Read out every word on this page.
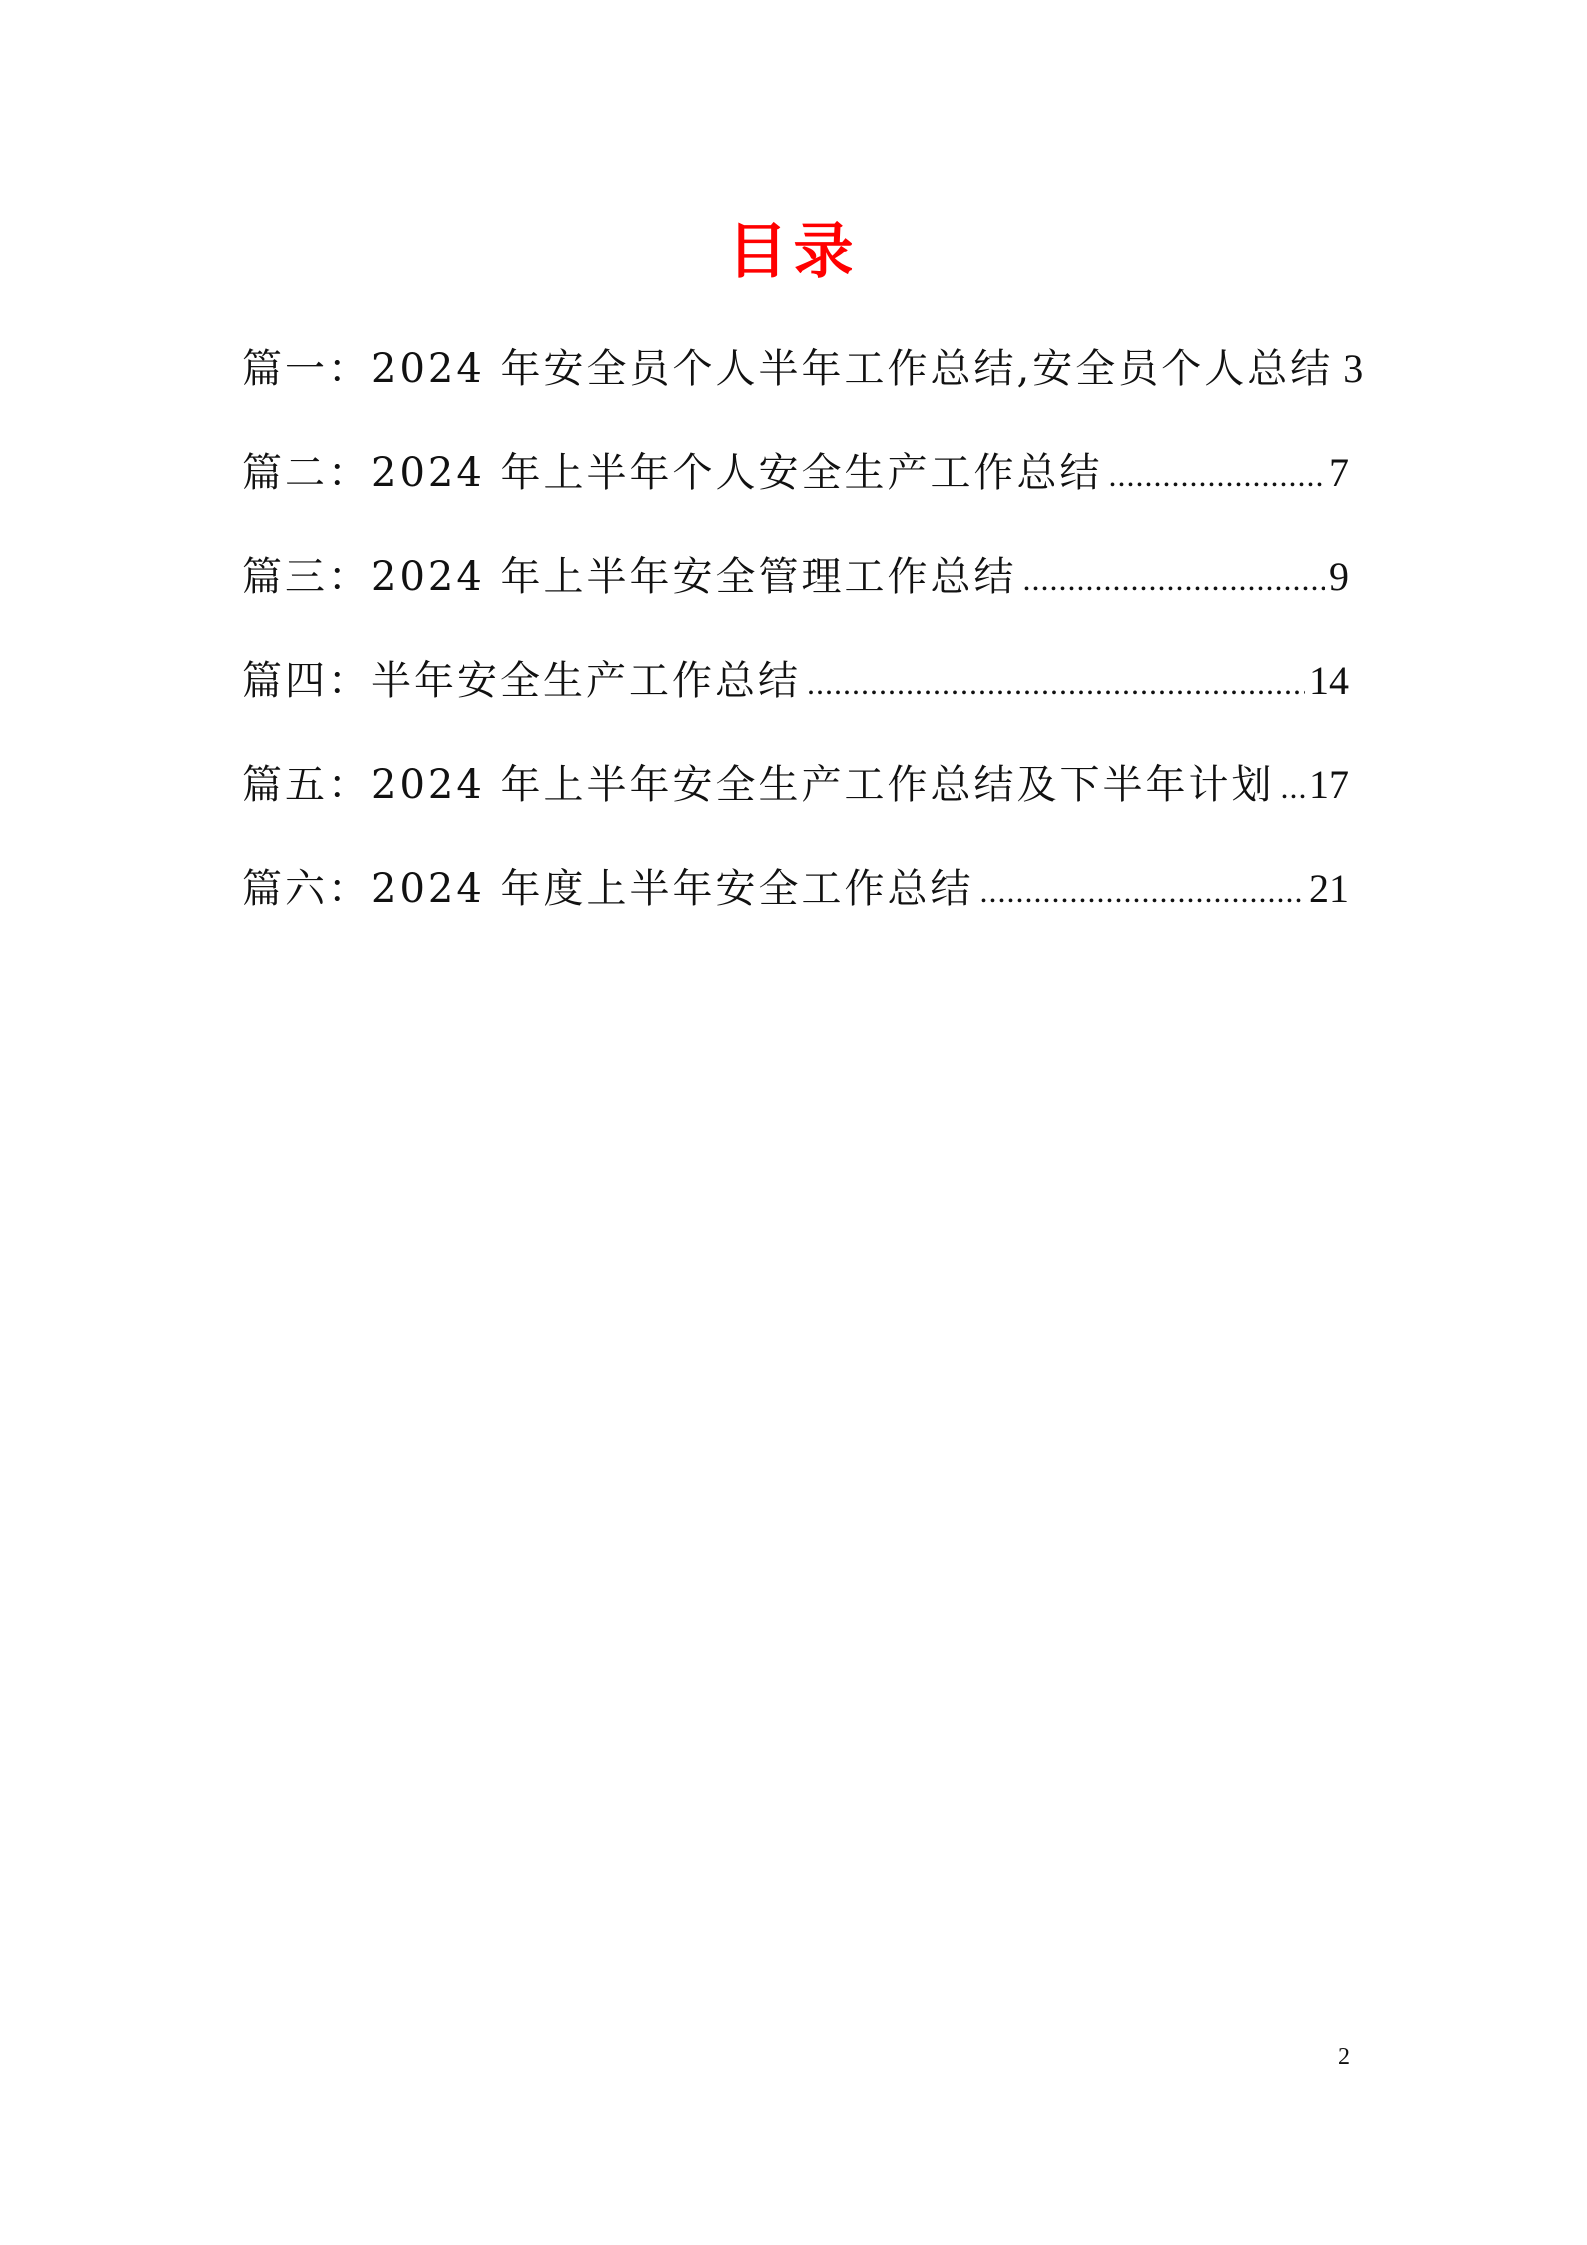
目录
篇一：2024 年安全员个人半年工作总结,安全员个人总结 3
篇二：2024 年上半年个人安全生产工作总结 .....	7
篇三：2024 年上半年安全管理工作总结 .....	9
篇四：半年安全生产工作总结 .....	14
篇五：2024 年上半年安全生产工作总结及下半年计划 ..... 17
篇六：2024 年度上半年安全工作总结 .....	21
2
